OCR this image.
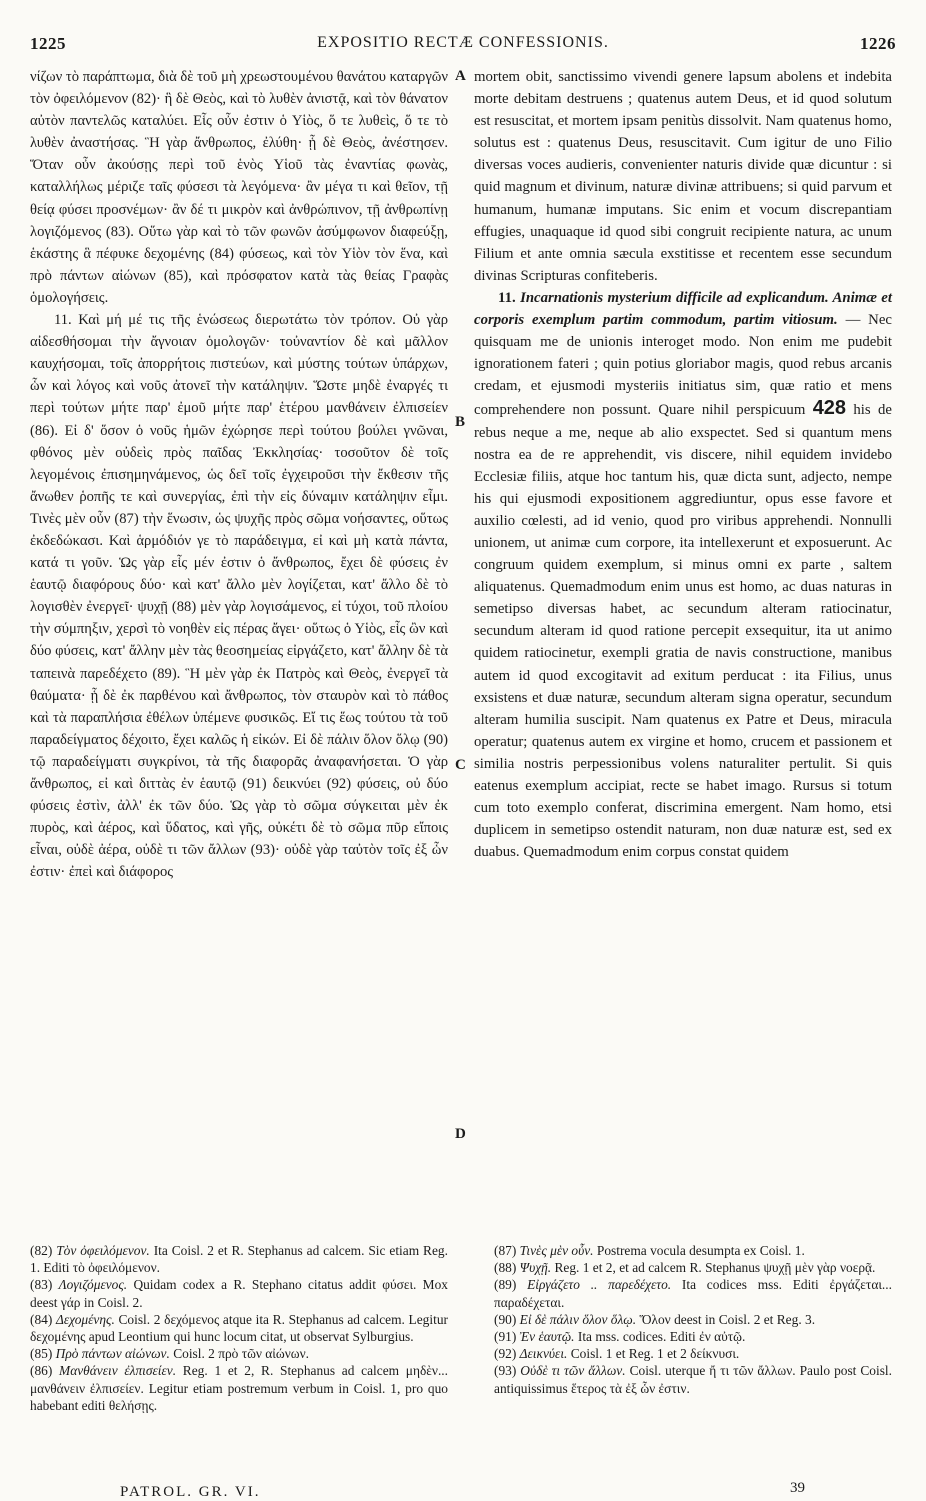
1225	EXPOSITIO RECTÆ CONFESSIONIS.	1226

νίζων τὸ παράπτωμα, διὰ δὲ τοῦ μὴ χρεωστουμένου θανάτου καταργῶν τὸν ὀφειλόμενον (82)· ἣ δὲ Θεὸς, καὶ τὸ λυθὲν ἀνιστᾷ, καὶ τὸν θάνατον αὐτὸν παντελῶς καταλύει. Εἷς οὖν ἐστιν ὁ Υἱὸς, ὅ τε λυθεὶς, ὅ τε τὸ λυθὲν ἀναστήσας. Ἣ γὰρ ἄνθρωπος, ἐλύθη· ᾗ δὲ Θεὸς, ἀνέστησεν. Ὅταν οὖν ἀκούσῃς περὶ τοῦ ἑνὸς Υἱοῦ τὰς ἐναντίας φωνὰς, καταλλήλως μέριζε ταῖς φύσεσι τὰ λεγόμενα· ἂν μέγα τι καὶ θεῖον, τῇ θείᾳ φύσει προσνέμων· ἂν δέ τι μικρὸν καὶ ἀνθρώπινον, τῇ ἀνθρωπίνῃ λογιζόμενος (83). Οὕτω γὰρ καὶ τὸ τῶν φωνῶν ἀσύμφωνον διαφεύξῃ, ἑκάστης ἃ πέφυκε δεχομένης (84) φύσεως, καὶ τὸν Υἱὸν τὸν ἕνα, καὶ πρὸ πάντων αἰώνων (85), καὶ πρόσφατον κατὰ τὰς θείας Γραφὰς ὁμολογήσεις.

11. Καὶ μή μέ τις τῆς ἑνώσεως διερωτάτω τὸν τρόπον. Οὐ γὰρ αἰδεσθήσομαι τὴν ἄγνοιαν ὁμολογῶν· τοὐναντίον δὲ καὶ μᾶλλον καυχήσομαι, τοῖς ἀπορρήτοις πιστεύων, καὶ μύστης τούτων ὑπάρχων, ὧν καὶ λόγος καὶ νοῦς ἀτονεῖ τὴν κατάληψιν. Ὥστε μηδὲ ἐναργές τι περὶ τούτων μήτε παρ' ἐμοῦ μήτε παρ' ἑτέρου μανθάνειν ἐλπισείεν (86). Εἰ δ' ὅσον ὁ νοῦς ἡμῶν ἐχώρησε περὶ τούτου βούλει γνῶναι, φθόνος μὲν οὐδεὶς πρὸς παῖδας Ἐκκλησίας· τοσοῦτον δὲ τοῖς λεγομένοις ἐπισημηνάμενος, ὡς δεῖ τοῖς ἐγχειροῦσι τὴν ἔκθεσιν τῆς ἄνωθεν ῥοπῆς τε καὶ συνεργίας, ἐπὶ τὴν εἰς δύναμιν κατάληψιν εἶμι. Τινὲς μὲν οὖν (87) τὴν ἕνωσιν, ὡς ψυχῆς πρὸς σῶμα νοήσαντες, οὕτως ἐκδεδώκασι. Καὶ ἁρμόδιόν γε τὸ παράδειγμα, εἰ καὶ μὴ κατὰ πάντα, κατά τι γοῦν. Ὡς γὰρ εἷς μέν ἐστιν ὁ ἄνθρωπος, ἔχει δὲ φύσεις ἐν ἑαυτῷ διαφόρους δύο· καὶ κατ' ἄλλο μὲν λογίζεται, κατ' ἄλλο δὲ τὸ λογισθὲν ἐνεργεῖ· ψυχῇ (88) μὲν γὰρ λογισάμενος, εἰ τύχοι, τοῦ πλοίου τὴν σύμπηξιν, χερσὶ τὸ νοηθὲν εἰς πέρας ἄγει· οὕτως ὁ Υἱὸς, εἷς ὢν καὶ δύο φύσεις, κατ' ἄλλην μὲν τὰς θεοσημείας εἰργάζετο, κατ' ἄλλην δὲ τὰ ταπεινὰ παρεδέχετο (89). Ἣ μὲν γὰρ ἐκ Πατρὸς καὶ Θεὸς, ἐνεργεῖ τὰ θαύματα· ᾗ δὲ ἐκ παρθένου καὶ ἄνθρωπος, τὸν σταυρὸν καὶ τὸ πάθος καὶ τὰ παραπλήσια ἐθέλων ὑπέμενε φυσικῶς. Εἴ τις ἕως τούτου τὰ τοῦ παραδείγματος δέχοιτο, ἔχει καλῶς ἡ εἰκών. Εἰ δὲ πάλιν ὅλον ὅλῳ (90) τῷ παραδείγματι συγκρίνοι, τὰ τῆς διαφορᾶς ἀναφανήσεται. Ὁ γὰρ ἄνθρωπος, εἰ καὶ διττὰς ἐν ἑαυτῷ (91) δεικνύει (92) φύσεις, οὐ δύο φύσεις ἐστὶν, ἀλλ' ἐκ τῶν δύο. Ὡς γὰρ τὸ σῶμα σύγκειται μὲν ἐκ πυρὸς, καὶ ἀέρος, καὶ ὕδατος, καὶ γῆς, οὐκέτι δὲ τὸ σῶμα πῦρ εἴποις εἶναι, οὐδὲ ἀέρα, οὐδὲ τι τῶν ἄλλων (93)· οὐδὲ γὰρ ταὐτὸν τοῖς ἐξ ὧν ἐστιν· ἐπεὶ καὶ διάφορος

A
B
C
D

mortem obit, sanctissimo vivendi genere lapsum abolens et indebita morte debitam destruens ; quatenus autem Deus, et id quod solutum est resuscitat, et mortem ipsam penitùs dissolvit. Nam quatenus homo, solutus est : quatenus Deus, resuscitavit. Cum igitur de uno Filio diversas voces audieris, convenienter naturis divide quæ dicuntur : si quid magnum et divinum, naturæ divinæ attribuens; si quid parvum et humanum, humanæ imputans. Sic enim et vocum discrepantiam effugies, unaquaque id quod sibi congruit recipiente natura, ac unum Filium et ante omnia sæcula exstitisse et recentem esse secundum divinas Scripturas confiteberis.

11. Incarnationis mysterium difficile ad explicandum. Animæ et corporis exemplum partim commodum, partim vitiosum. — Nec quisquam me de unionis interoget modo. Non enim me pudebit ignorationem fateri ; quin potius gloriabor magis, quod rebus arcanis credam, et ejusmodi mysteriis initiatus sim, quæ ratio et mens comprehendere non possunt. Quare nihil perspicuum 428 his de rebus neque a me, neque ab alio exspectet. Sed si quantum mens nostra ea de re apprehendit, vis discere, nihil equidem invidebo Ecclesiæ filiis, atque hoc tantum his, quæ dicta sunt, adjecto, nempe his qui ejusmodi expositionem aggrediuntur, opus esse favore et auxilio cœlesti, ad id venio, quod pro viribus apprehendi. Nonnulli unionem, ut animæ cum corpore, ita intellexerunt et exposuerunt. Ac congruum quidem exemplum, si minus omni ex parte , saltem aliquatenus. Quemadmodum enim unus est homo, ac duas naturas in semetipso diversas habet, ac secundum alteram ratiocinatur, secundum alteram id quod ratione percepit exsequitur, ita ut animo quidem ratiocinetur, exempli gratia de navis constructione, manibus autem id quod excogitavit ad exitum perducat : ita Filius, unus exsistens et duæ naturæ, secundum alteram signa operatur, secundum alteram humilia suscipit. Nam quatenus ex Patre et Deus, miracula operatur; quatenus autem ex virgine et homo, crucem et passionem et similia nostris perpessionibus volens naturaliter pertulit. Si quis eatenus exemplum accipiat, recte se habet imago. Rursus si totum cum toto exemplo conferat, discrimina emergent. Nam homo, etsi duplicem in semetipso ostendit naturam, non duæ naturæ est, sed ex duabus. Quemadmodum enim corpus constat quidem

(82) Τὸν ὀφειλόμενον. Ita Coisl. 2 et R. Stephanus ad calcem. Sic etiam Reg. 1. Editi τὸ ὀφειλόμενον.

(83) Λογιζόμενος. Quidam codex a R. Stephano citatus addit φύσει. Mox deest γάρ in Coisl. 2.

(84) Δεχομένης. Coisl. 2 δεχόμενος atque ita R. Stephanus ad calcem. Legitur δεχομένης apud Leontium qui hunc locum citat, ut observat Sylburgius.

(85) Πρὸ πάντων αἰώνων. Coisl. 2 πρὸ τῶν αἰώνων.

(86) Μανθάνειν ἐλπισείεν. Reg. 1 et 2, R. Stephanus ad calcem μηδὲν... μανθάνειν ἐλπισείεν. Legitur etiam postremum verbum in Coisl. 1, pro quo habebant editi θελήσῃς.

(87) Τινὲς μὲν οὖν. Postrema vocula desumpta ex Coisl. 1.

(88) Ψυχῇ. Reg. 1 et 2, et ad calcem R. Stephanus ψυχῇ μὲν γὰρ νοερᾷ.

(89) Εἰργάζετο .. παρεδέχετο. Ita codices mss. Editi ἐργάζεται... παραδέχεται.

(90) Εἰ δὲ πάλιν ὅλον ὅλῳ. Ὅλον deest in Coisl. 2 et Reg. 3.

(91) Ἐν ἑαυτῷ. Ita mss. codices. Editi ἐν αὐτῷ.

(92) Δεικνύει. Coisl. 1 et Reg. 1 et 2 δείκνυσι.

(93) Οὐδὲ τι τῶν ἄλλων. Coisl. uterque ἤ τι τῶν ἄλλων. Paulo post Coisl. antiquissimus ἕτερος τὰ ἐξ ὧν ἐστιν.

PATROL. GR. VI.	39
